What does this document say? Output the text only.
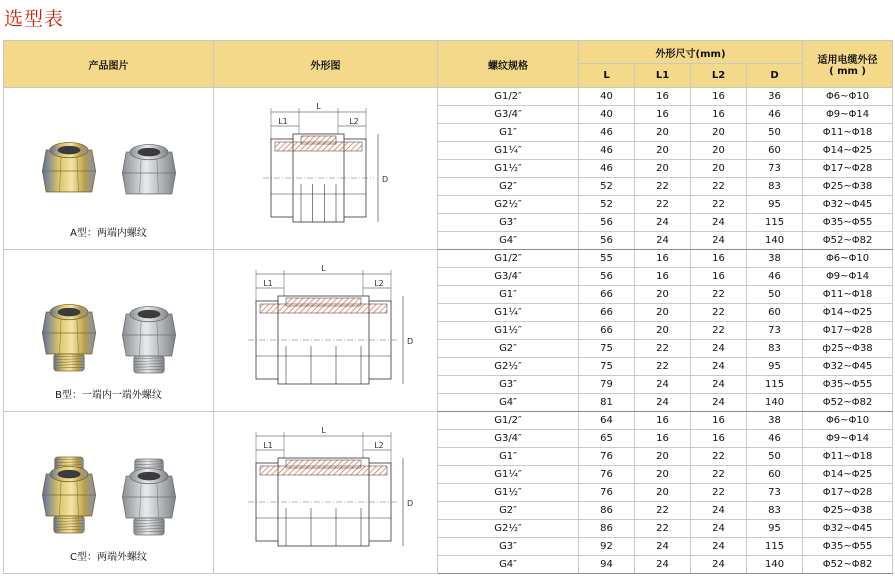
选型表
产品图片	外形图	螺纹规格	外形尺寸(mm)				适用电缆外径
( mm )

			L	L1	L2	D	

A型：两端内螺纹	L
L1 L2
D	G1/2″	40	16	16	36	Φ6~Φ10
		G3/4″	40	16	16	46	Φ9~Φ14
		G1″	46	20	20	50	Φ11~Φ18
		G1¼″	46	20	20	60	Φ14~Φ25
		G1½″	46	20	20	73	Φ17~Φ28
		G2″	52	22	22	83	Φ25~Φ38
		G2½″	52	22	22	95	Φ32~Φ45
		G3″	56	24	24	115	Φ35~Φ55
		G4″	56	24	24	140	Φ52~Φ82

B型：一端内一端外螺纹	L
L1 L2
D	G1/2″	55	16	16	38	Φ6~Φ10
		G3/4″	56	16	16	46	Φ9~Φ14
		G1″	66	20	22	50	Φ11~Φ18
		G1¼″	66	20	22	60	Φ14~Φ25
		G1½″	66	20	22	73	Φ17~Φ28
		G2″	75	22	24	83	ф25~Φ38
		G2½″	75	22	24	95	Φ32~Φ45
		G3″	79	24	24	115	Φ35~Φ55
		G4″	81	24	24	140	Φ52~Φ82

C型：两端外螺纹	L
L1 L2
D	G1/2″	64	16	16	38	Φ6~Φ10
		G3/4″	65	16	16	46	Φ9~Φ14
		G1″	76	20	22	50	Φ11~Φ18
		G1¼″	76	20	22	60	Φ14~Φ25
		G1½″	76	20	22	73	Φ17~Φ28
		G2″	86	22	24	83	Φ25~Φ38
		G2½″	86	22	24	95	Φ32~Φ45
		G3″	92	24	24	115	Φ35~Φ55
		G4″	94	24	24	140	Φ52~Φ82
